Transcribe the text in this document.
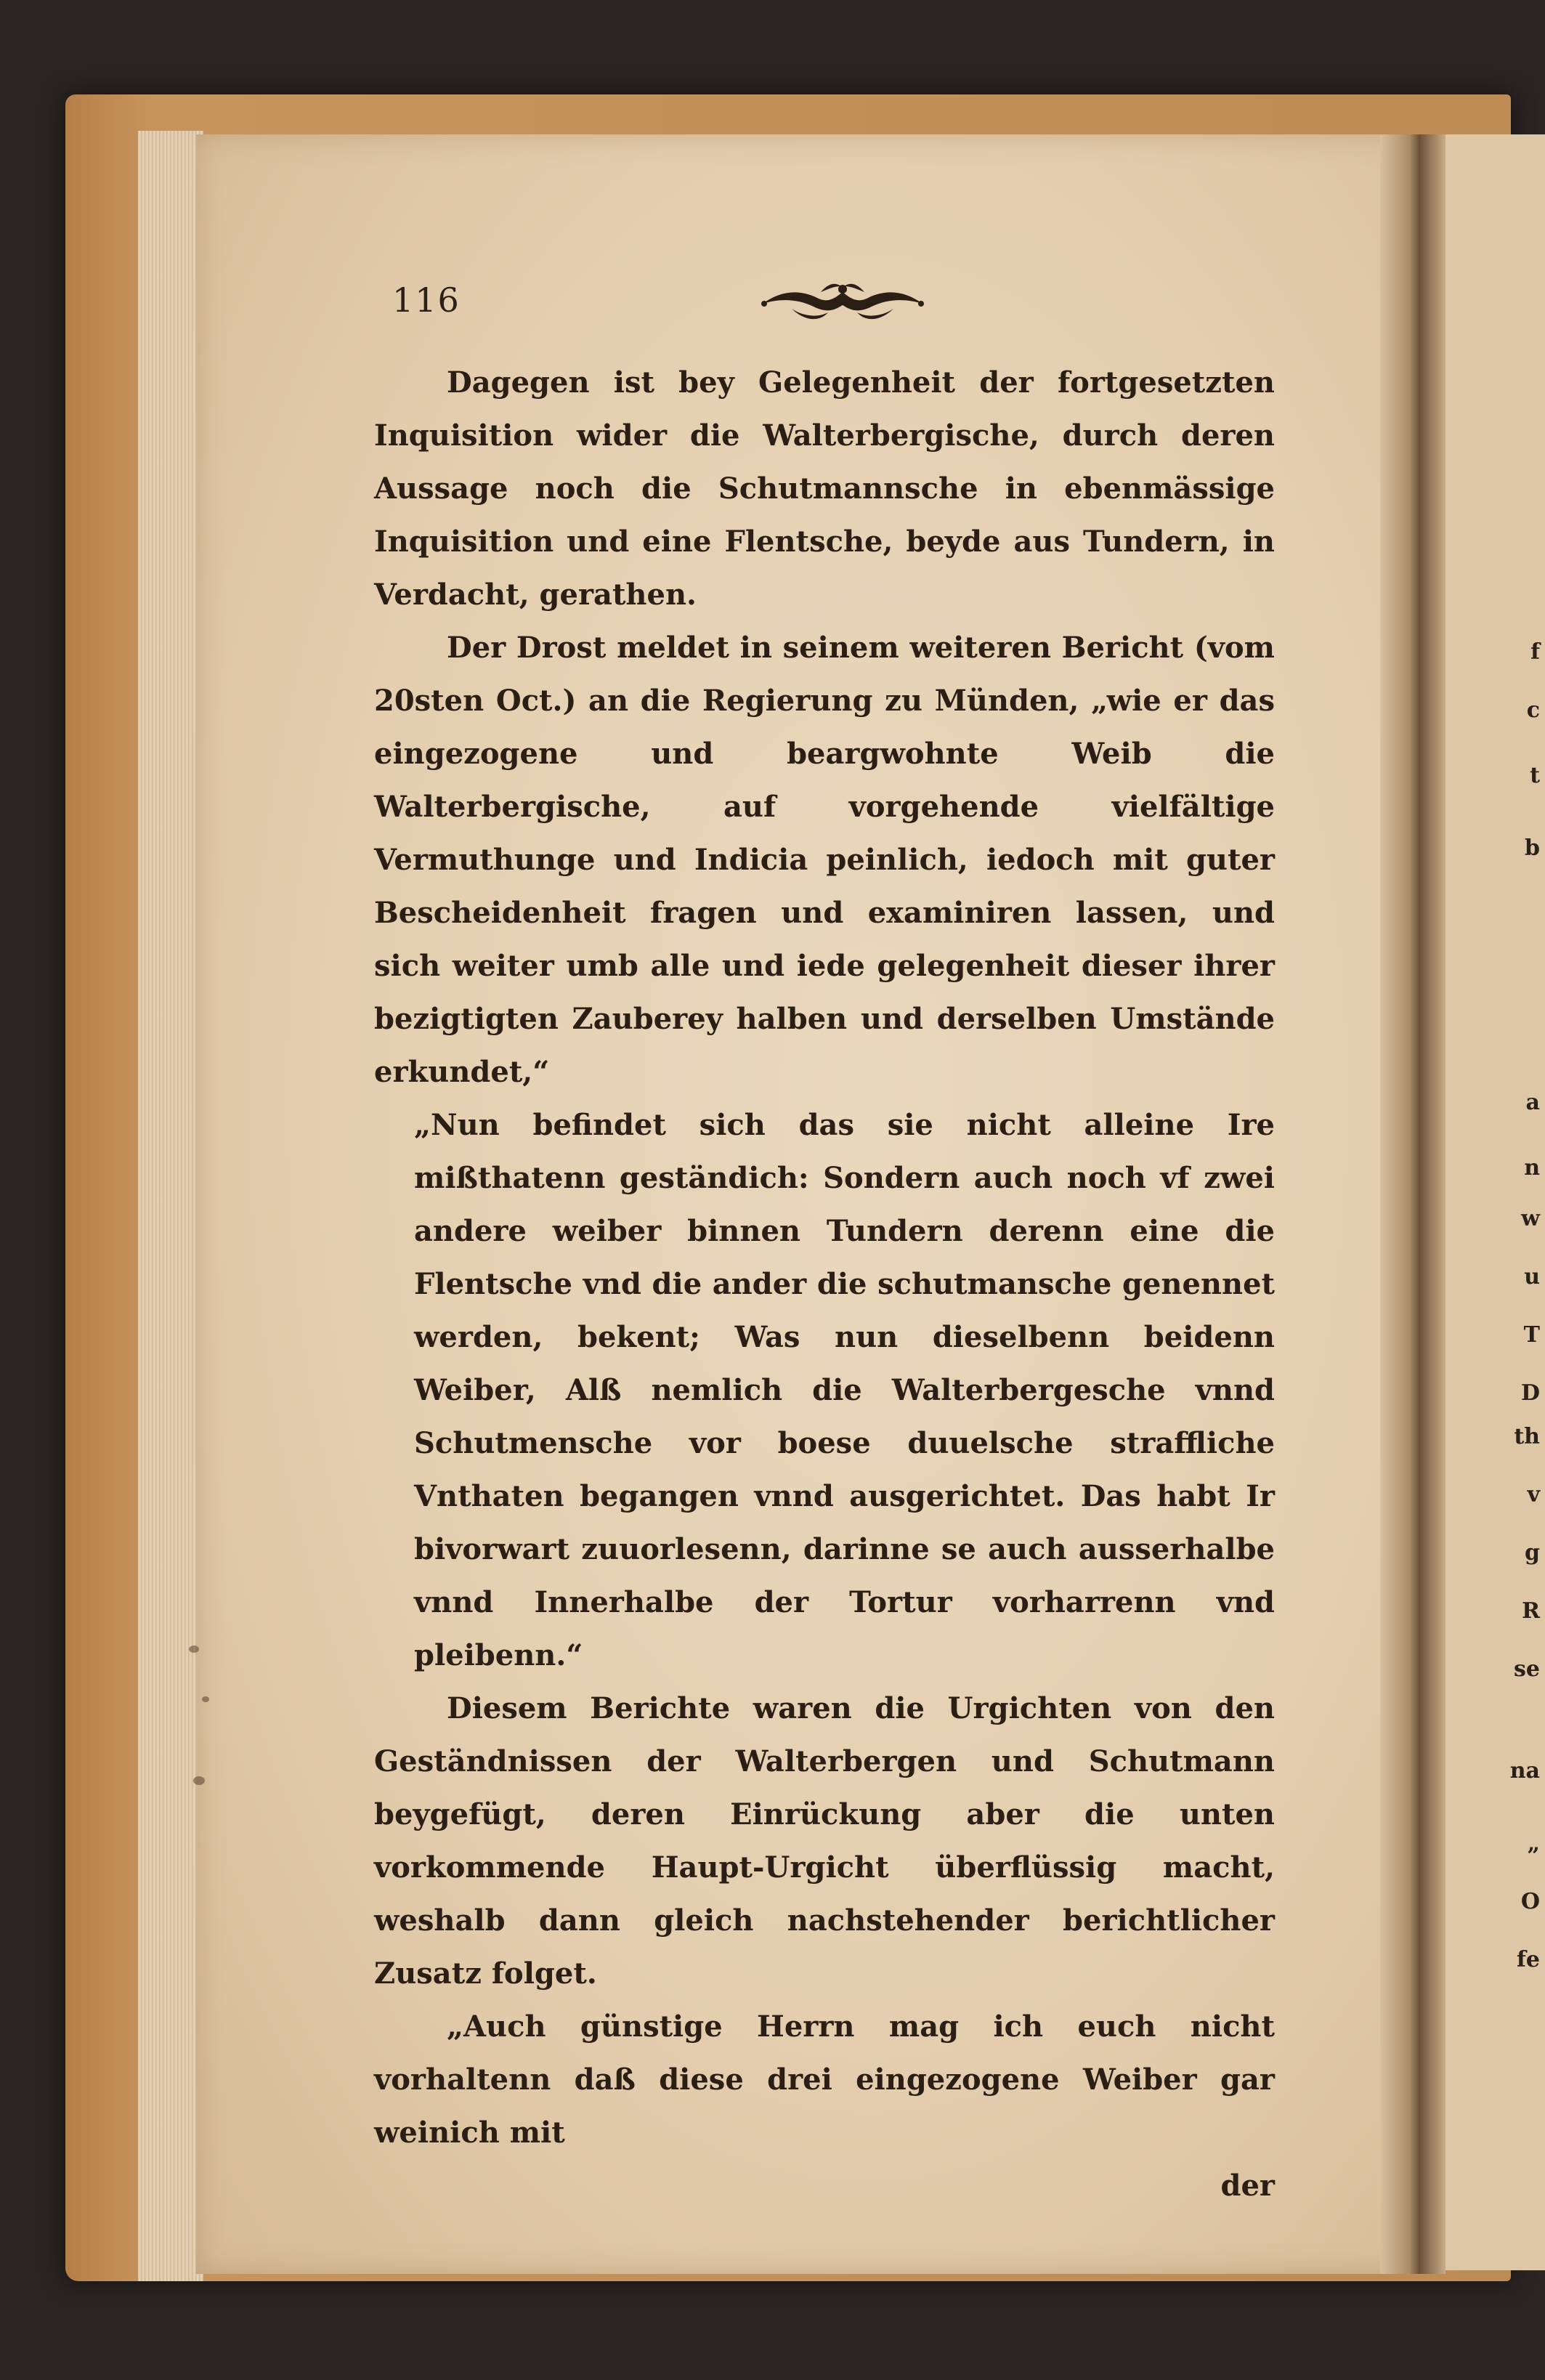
f
c
t
b
a
n
w
u
T
D
th
v
g
R
se
na
„
O
fe
116

Dagegen ist bey Gelegenheit der fortgesetzten Inquisition wider die Walterbergische, durch deren Aussage noch die Schutmannsche in ebenmässige Inquisition und eine Flentsche, beyde aus Tundern, in Verdacht, gerathen.

Der Drost meldet in seinem weiteren Bericht (vom 20sten Oct.) an die Regierung zu Münden, „wie er das eingezogene und beargwohnte Weib die Walterbergische, auf vorgehende vielfältige Vermuthunge und Indicia peinlich, iedoch mit guter Bescheidenheit fragen und examiniren lassen, und sich weiter umb alle und iede gelegenheit dieser ihrer bezigtigten Zauberey halben und derselben Umstände erkundet,“

„Nun befindet sich das sie nicht alleine Ire mißthatenn geständich: Sondern auch noch vf zwei andere weiber binnen Tundern derenn eine die Flentsche vnd die ander die schutmansche genennet werden, bekent; Was nun dieselbenn beidenn Weiber, Alß nemlich die Walterbergesche vnnd Schutmensche vor boese duuelsche straffliche Vnthaten begangen vnnd ausgerichtet. Das habt Ir bivorwart zuuorlesenn, darinne se auch ausserhalbe vnnd Innerhalbe der Tortur vorharrenn vnd pleibenn.“

Diesem Berichte waren die Urgichten von den Geständnissen der Walterbergen und Schutmann beygefügt, deren Einrückung aber die unten vorkommende Haupt-Urgicht überflüssig macht, weshalb dann gleich nachstehender berichtlicher Zusatz folget.

„Auch günstige Herrn mag ich euch nicht vorhaltenn daß diese drei eingezogene Weiber gar weinich mit

der
